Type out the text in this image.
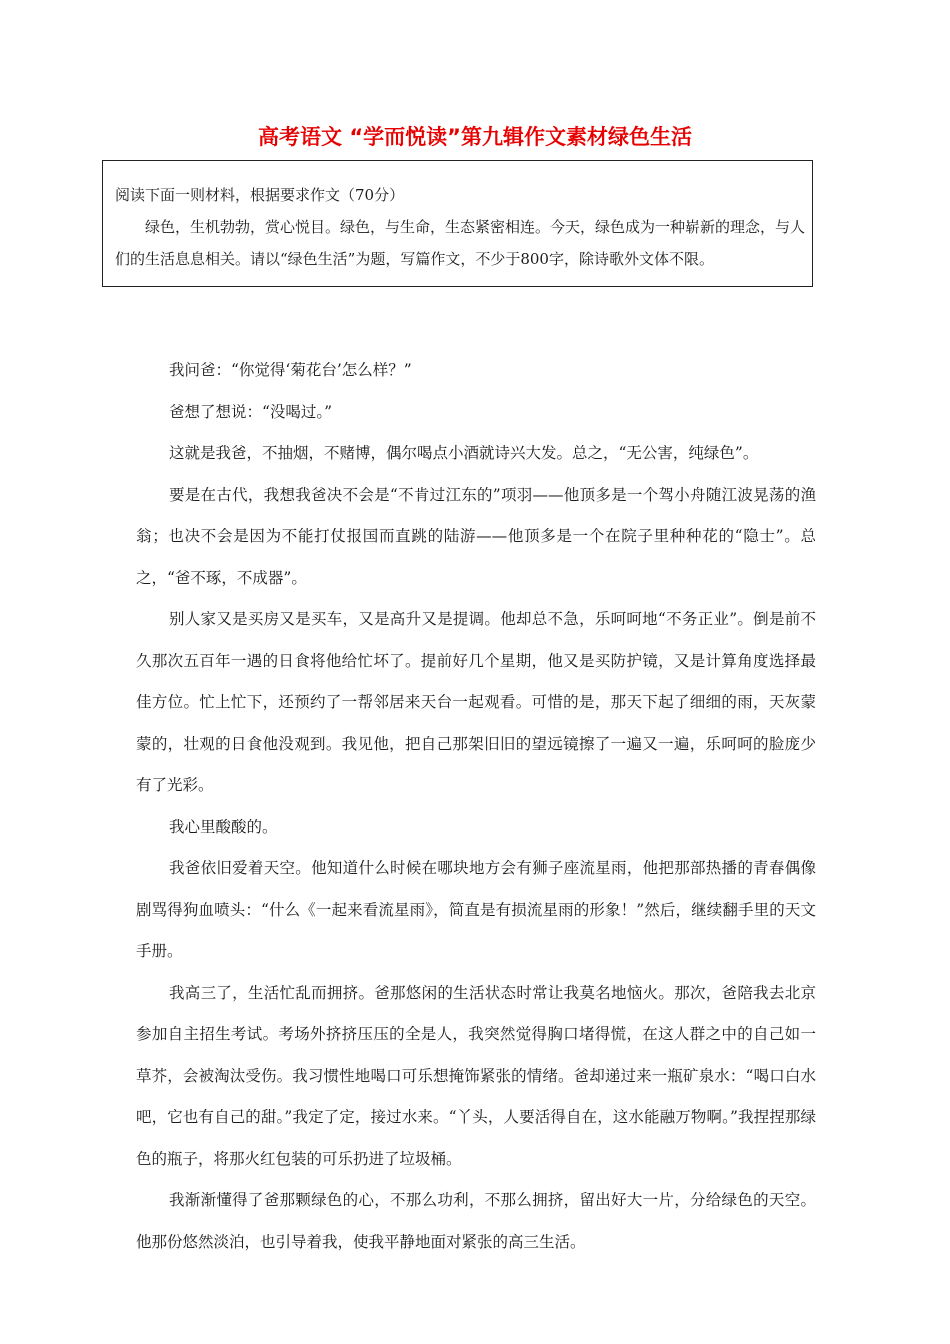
高考语文 “学而悦读”第九辑作文素材绿色生活
阅读下面一则材料，根据要求作文（70分）
绿色，生机勃勃，赏心悦目。绿色，与生命，生态紧密相连。今天，绿色成为一种崭新的理念，与人们的生活息息相关。请以“绿色生活”为题，写篇作文，不少于800字，除诗歌外文体不限。

我问爸：“你觉得‘菊花台’怎么样？”

爸想了想说：“没喝过。”

这就是我爸，不抽烟，不赌博，偶尔喝点小酒就诗兴大发。总之，“无公害，纯绿色”。

要是在古代，我想我爸决不会是“不肯过江东的”项羽——他顶多是一个驾小舟随江波晃荡的渔翁；也决不会是因为不能打仗报国而直跳的陆游——他顶多是一个在院子里种种花的“隐士”。总之，“爸不琢，不成器”。

别人家又是买房又是买车，又是高升又是提调。他却总不急，乐呵呵地“不务正业”。倒是前不久那次五百年一遇的日食将他给忙坏了。提前好几个星期，他又是买防护镜，又是计算角度选择最佳方位。忙上忙下，还预约了一帮邻居来天台一起观看。可惜的是，那天下起了细细的雨，天灰蒙蒙的，壮观的日食他没观到。我见他，把自己那架旧旧的望远镜擦了一遍又一遍，乐呵呵的脸庞少有了光彩。

我心里酸酸的。

我爸依旧爱着天空。他知道什么时候在哪块地方会有狮子座流星雨，他把那部热播的青春偶像剧骂得狗血喷头：“什么《一起来看流星雨》，简直是有损流星雨的形象！”然后，继续翻手里的天文手册。

我高三了，生活忙乱而拥挤。爸那悠闲的生活状态时常让我莫名地恼火。那次，爸陪我去北京参加自主招生考试。考场外挤挤压压的全是人，我突然觉得胸口堵得慌，在这人群之中的自己如一草芥，会被淘汰受伤。我习惯性地喝口可乐想掩饰紧张的情绪。爸却递过来一瓶矿泉水：“喝口白水吧，它也有自己的甜。”我定了定，接过水来。“丫头，人要活得自在，这水能融万物啊。”我捏捏那绿色的瓶子，将那火红包装的可乐扔进了垃圾桶。

我渐渐懂得了爸那颗绿色的心，不那么功利，不那么拥挤，留出好大一片，分给绿色的天空。他那份悠然淡泊，也引导着我，使我平静地面对紧张的高三生活。
